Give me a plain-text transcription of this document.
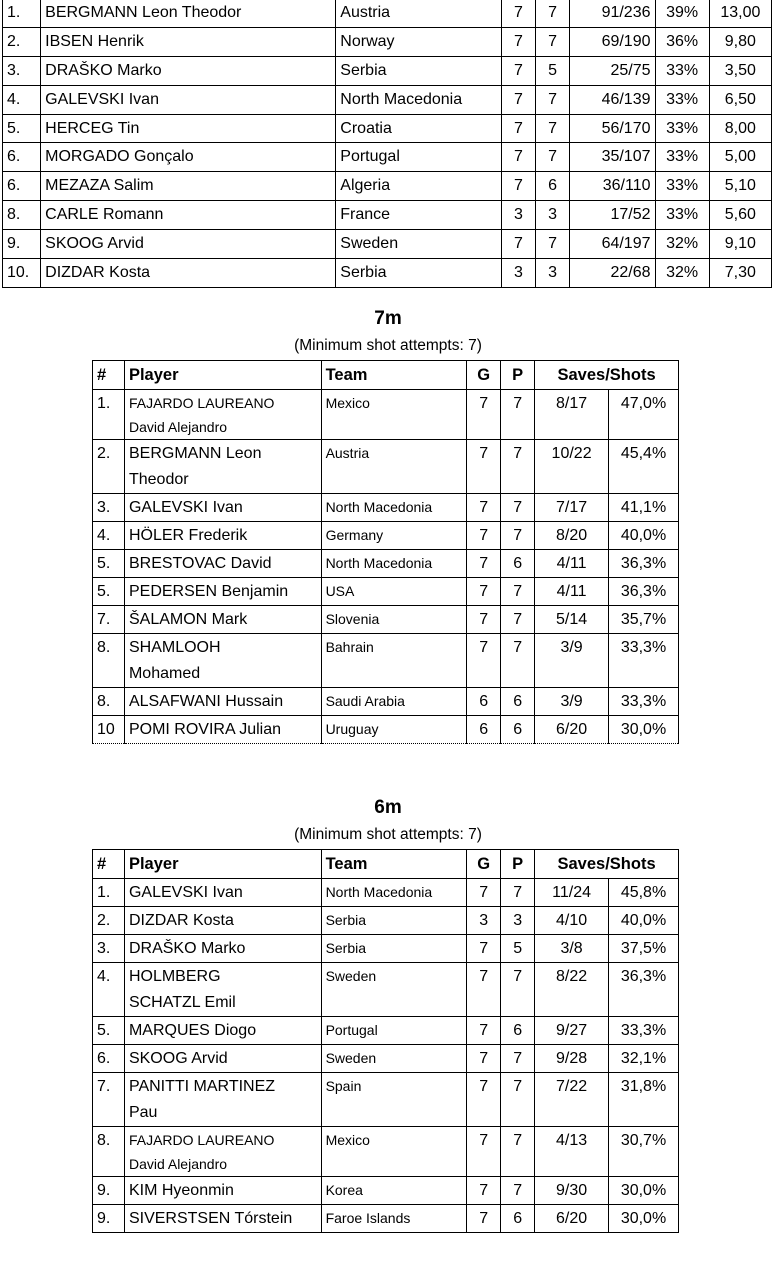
1.	BERGMANN Leon Theodor	Austria	7	7	91/236	39%	13,00
2.	IBSEN Henrik	Norway	7	7	69/190	36%	9,80
3.	DRAŠKO Marko	Serbia	7	5	25/75	33%	3,50
4.	GALEVSKI Ivan	North Macedonia	7	7	46/139	33%	6,50
5.	HERCEG Tin	Croatia	7	7	56/170	33%	8,00
6.	MORGADO Gonçalo	Portugal	7	7	35/107	33%	5,00
6.	MEZAZA Salim	Algeria	7	6	36/110	33%	5,10
8.	CARLE Romann	France	3	3	17/52	33%	5,60
9.	SKOOG Arvid	Sweden	7	7	64/197	32%	9,10
10.	DIZDAR Kosta	Serbia	3	3	22/68	32%	7,30
7m
(Minimum shot attempts: 7)
#	Player	Team	G	P	Saves/Shots	
1.	FAJARDO LAUREANO
David Alejandro	Mexico	7	7	8/17	47,0%
2.	BERGMANN Leon
Theodor	Austria	7	7	10/22	45,4%
3.	GALEVSKI Ivan	North Macedonia	7	7	7/17	41,1%
4.	HÖLER Frederik	Germany	7	7	8/20	40,0%
5.	BRESTOVAC David	North Macedonia	7	6	4/11	36,3%
5.	PEDERSEN Benjamin	USA	7	7	4/11	36,3%
7.	ŠALAMON Mark	Slovenia	7	7	5/14	35,7%
8.	SHAMLOOH
Mohamed	Bahrain	7	7	3/9	33,3%
8.	ALSAFWANI Hussain	Saudi Arabia	6	6	3/9	33,3%
10	POMI ROVIRA Julian	Uruguay	6	6	6/20	30,0%
6m
(Minimum shot attempts: 7)
#	Player	Team	G	P	Saves/Shots	
1.	GALEVSKI Ivan	North Macedonia	7	7	11/24	45,8%
2.	DIZDAR Kosta	Serbia	3	3	4/10	40,0%
3.	DRAŠKO Marko	Serbia	7	5	3/8	37,5%
4.	HOLMBERG
SCHATZL Emil	Sweden	7	7	8/22	36,3%
5.	MARQUES Diogo	Portugal	7	6	9/27	33,3%
6.	SKOOG Arvid	Sweden	7	7	9/28	32,1%
7.	PANITTI MARTINEZ
Pau	Spain	7	7	7/22	31,8%
8.	FAJARDO LAUREANO
David Alejandro	Mexico	7	7	4/13	30,7%
9.	KIM Hyeonmin	Korea	7	7	9/30	30,0%
9.	SIVERSTSEN Tórstein	Faroe Islands	7	6	6/20	30,0%
